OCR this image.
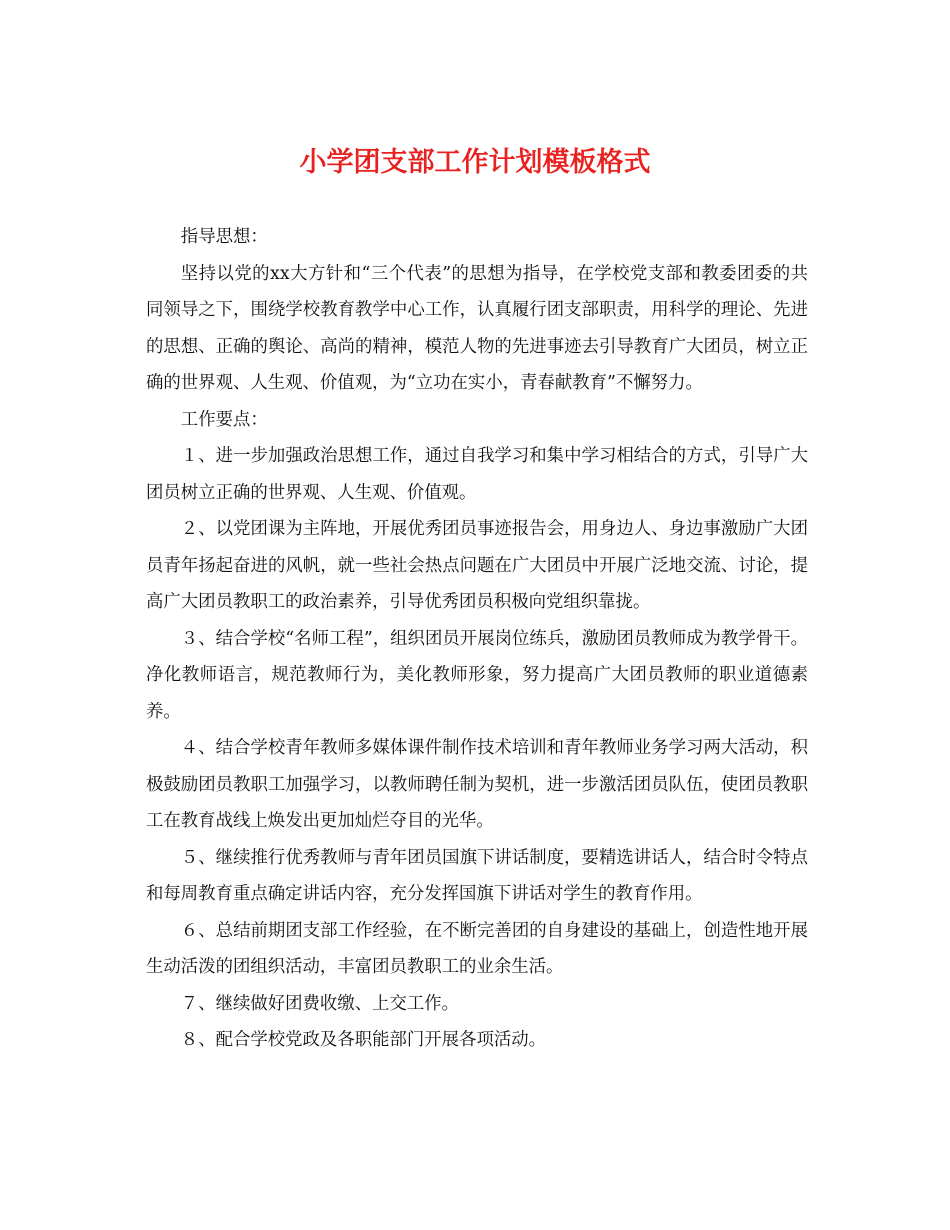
小学团支部工作计划模板格式

指导思想：

坚持以党的xx大方针和“三个代表”的思想为指导，在学校党支部和教委团委的共同领导之下，围绕学校教育教学中心工作，认真履行团支部职责，用科学的理论、先进的思想、正确的舆论、高尚的精神，模范人物的先进事迹去引导教育广大团员，树立正确的世界观、人生观、价值观，为“立功在实小，青春献教育”不懈努力。

工作要点：

１、进一步加强政治思想工作，通过自我学习和集中学习相结合的方式，引导广大团员树立正确的世界观、人生观、价值观。

２、以党团课为主阵地，开展优秀团员事迹报告会，用身边人、身边事激励广大团员青年扬起奋进的风帆，就一些社会热点问题在广大团员中开展广泛地交流、讨论，提高广大团员教职工的政治素养，引导优秀团员积极向党组织靠拢。

３、结合学校“名师工程”，组织团员开展岗位练兵，激励团员教师成为教学骨干。净化教师语言，规范教师行为，美化教师形象，努力提高广大团员教师的职业道德素养。

４、结合学校青年教师多媒体课件制作技术培训和青年教师业务学习两大活动，积极鼓励团员教职工加强学习，以教师聘任制为契机，进一步激活团员队伍，使团员教职工在教育战线上焕发出更加灿烂夺目的光华。

５、继续推行优秀教师与青年团员国旗下讲话制度，要精选讲话人，结合时令特点和每周教育重点确定讲话内容，充分发挥国旗下讲话对学生的教育作用。

６、总结前期团支部工作经验，在不断完善团的自身建设的基础上，创造性地开展生动活泼的团组织活动，丰富团员教职工的业余生活。

７、继续做好团费收缴、上交工作。

８、配合学校党政及各职能部门开展各项活动。
